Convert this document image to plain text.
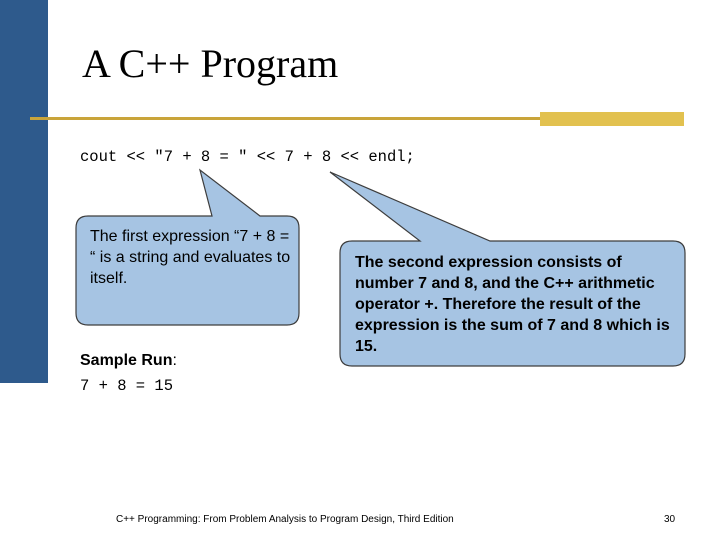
A C++ Program
cout << "7 + 8 = " << 7 + 8 << endl;
The first expression “7 + 8 = “ is a string and evaluates to itself.
The second expression consists of number 7 and 8, and the C++ arithmetic operator +. Therefore the result of the expression is the sum of 7 and 8 which is 15.
Sample Run:
7 + 8 = 15
C++ Programming: From Problem Analysis to Program Design, Third Edition	30
